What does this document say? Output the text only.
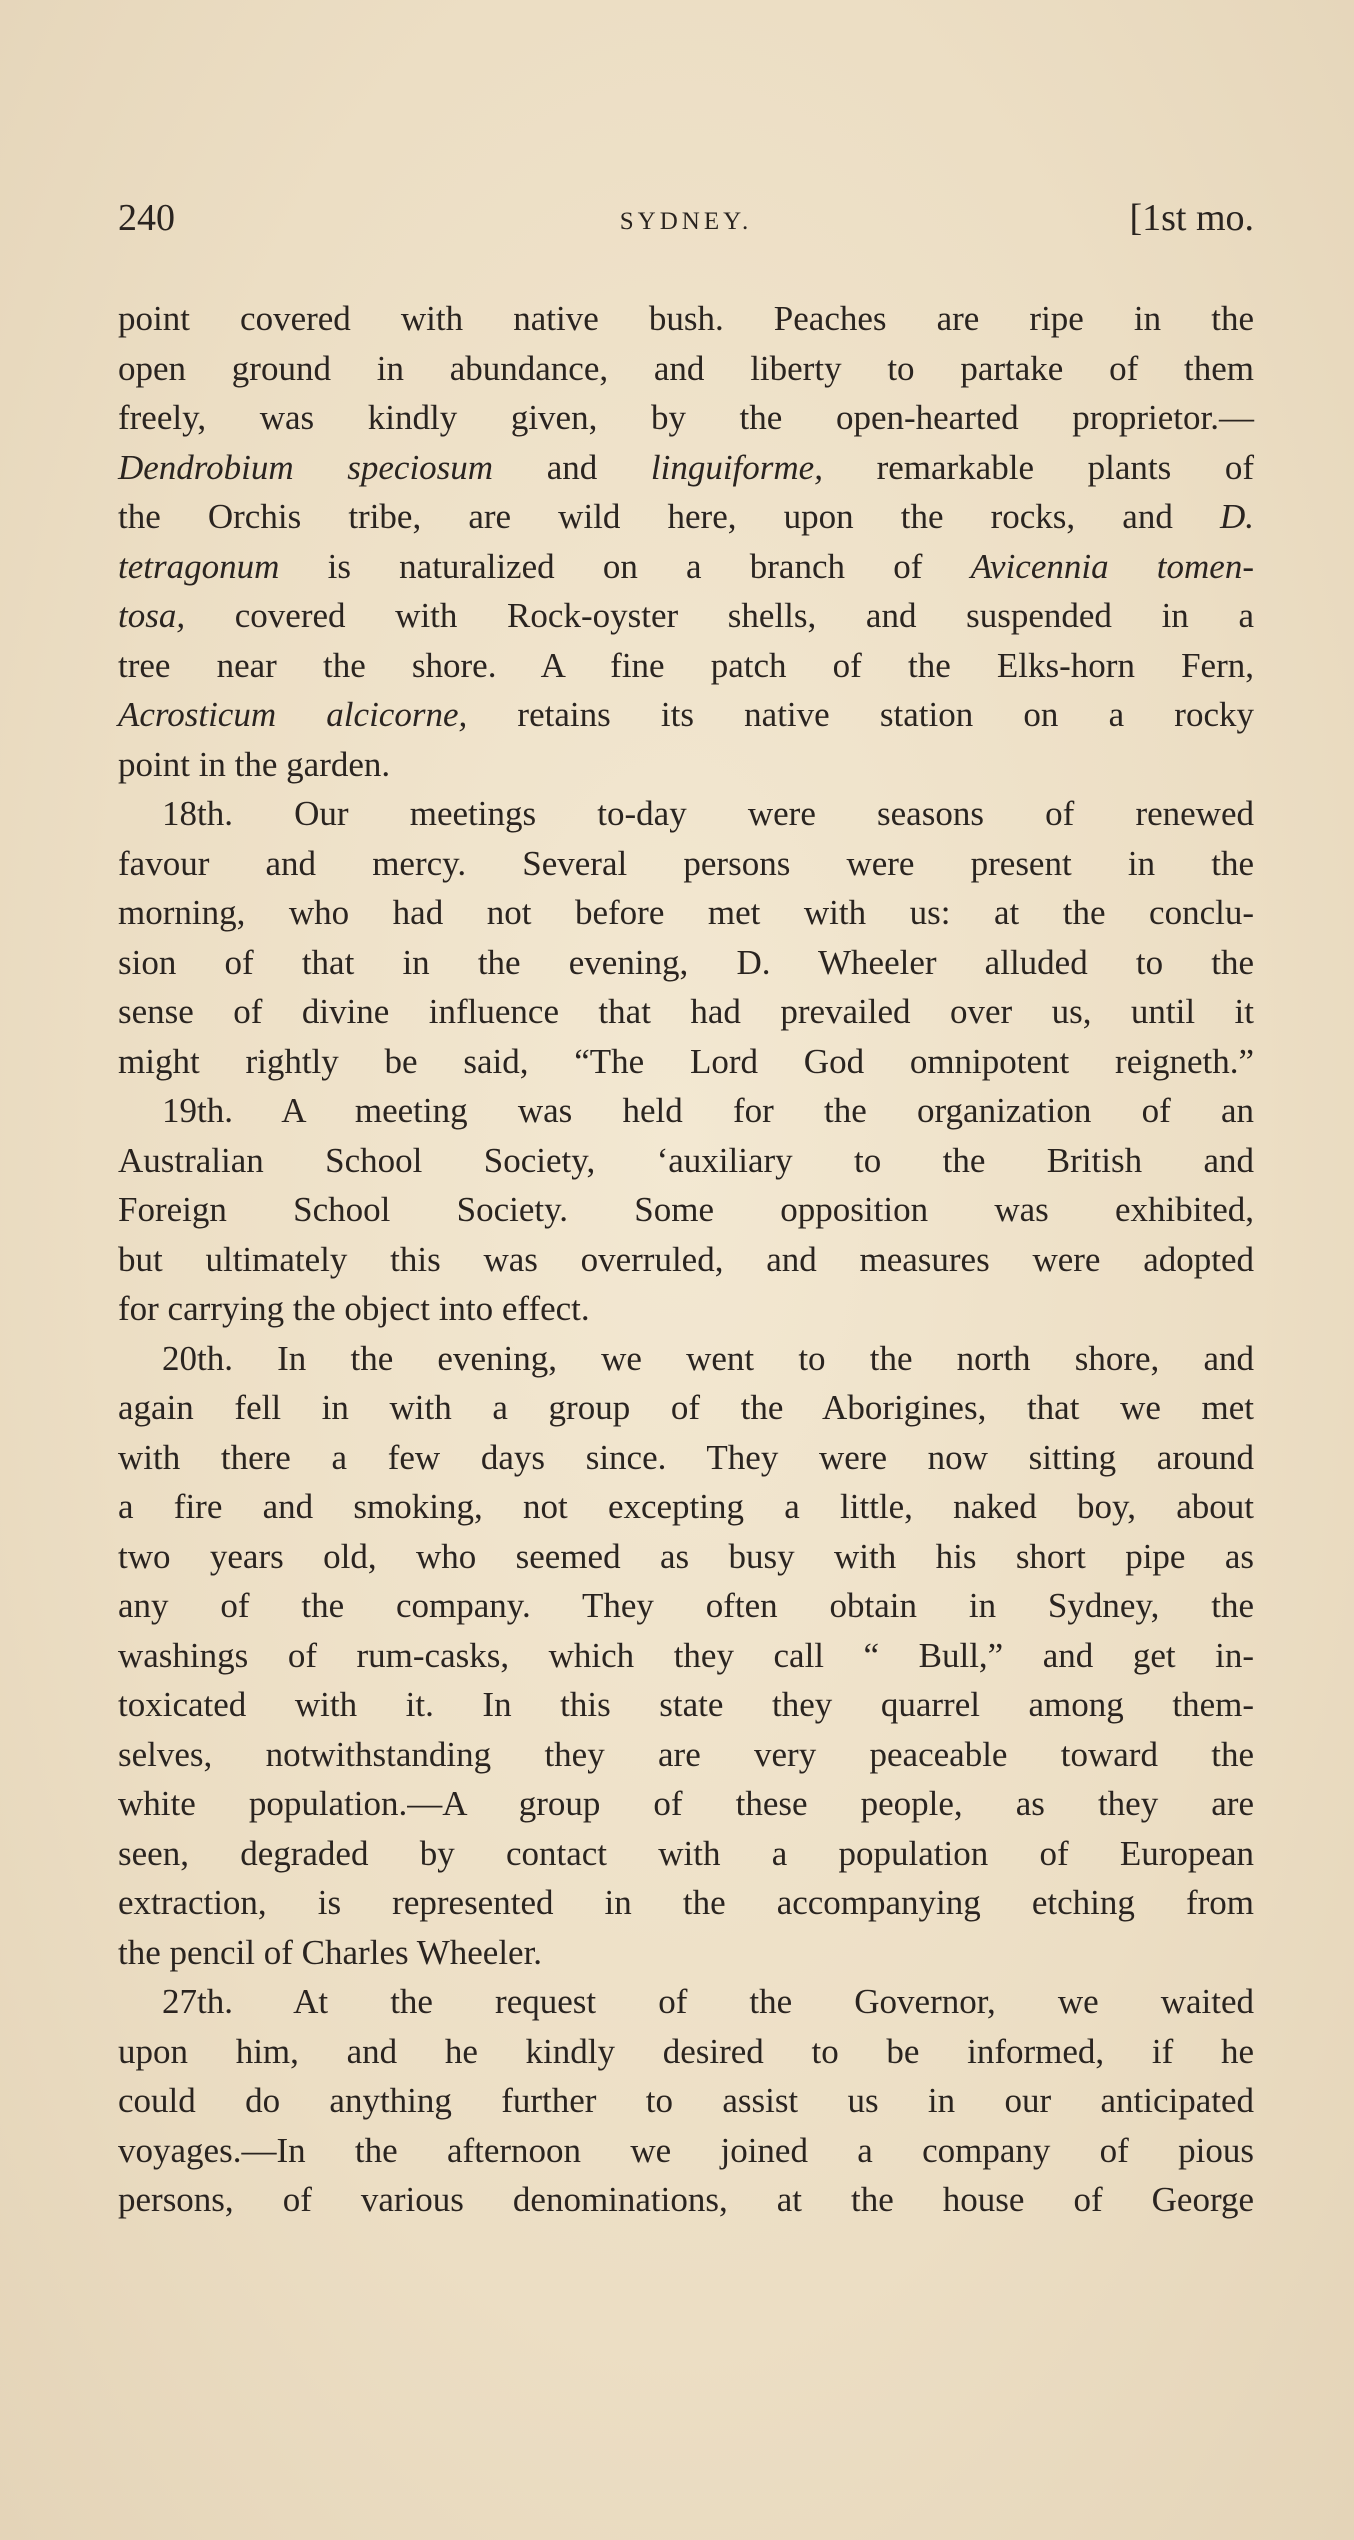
240	SYDNEY.	[1st mo.
point covered with native bush. Peaches are ripe in the
open ground in abundance, and liberty to partake of them
freely, was kindly given, by the open-hearted proprietor.—
Dendrobium speciosum and linguiforme, remarkable plants of
the Orchis tribe, are wild here, upon the rocks, and D.
tetragonum is naturalized on a branch of Avicennia tomen-
tosa, covered with Rock-oyster shells, and suspended in a
tree near the shore. A fine patch of the Elks-horn Fern,
Acrosticum alcicorne, retains its native station on a rocky
point in the garden.
18th. Our meetings to-day were seasons of renewed
favour and mercy. Several persons were present in the
morning, who had not before met with us: at the conclu-
sion of that in the evening, D. Wheeler alluded to the
sense of divine influence that had prevailed over us, until it
might rightly be said, “The Lord God omnipotent reigneth.”
19th. A meeting was held for the organization of an
Australian School Society, ‘auxiliary to the British and
Foreign School Society. Some opposition was exhibited,
but ultimately this was overruled, and measures were adopted
for carrying the object into effect.
20th. In the evening, we went to the north shore, and
again fell in with a group of the Aborigines, that we met
with there a few days since. They were now sitting around
a fire and smoking, not excepting a little, naked boy, about
two years old, who seemed as busy with his short pipe as
any of the company. They often obtain in Sydney, the
washings of rum-casks, which they call “ Bull,” and get in-
toxicated with it. In this state they quarrel among them-
selves, notwithstanding they are very peaceable toward the
white population.—A group of these people, as they are
seen, degraded by contact with a population of European
extraction, is represented in the accompanying etching from
the pencil of Charles Wheeler.
27th. At the request of the Governor, we waited
upon him, and he kindly desired to be informed, if he
could do anything further to assist us in our anticipated
voyages.—In the afternoon we joined a company of pious
persons, of various denominations, at the house of George
